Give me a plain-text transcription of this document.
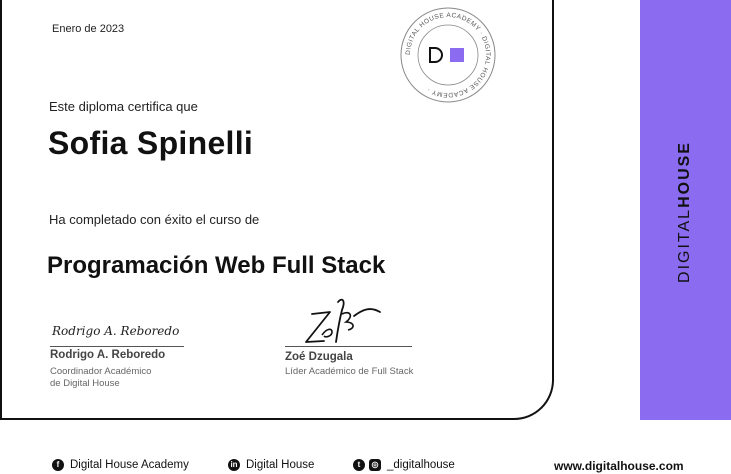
Enero de 2023
DIGITAL HOUSE ACADEMY · DIGITAL HOUSE ACADEMY ·
Este diploma certifica que
Sofia Spinelli
Ha completado con éxito el curso de
Programación Web Full Stack
Rodrigo A. Reboredo
Rodrigo A. Reboredo
Coordinador Académico
de Digital House
Zoé Dzugala
Líder Académico de Full Stack
DIGITALHOUSE
f Digital House Academy	in Digital House	t	◎ _digitalhouse	www.digitalhouse.com
